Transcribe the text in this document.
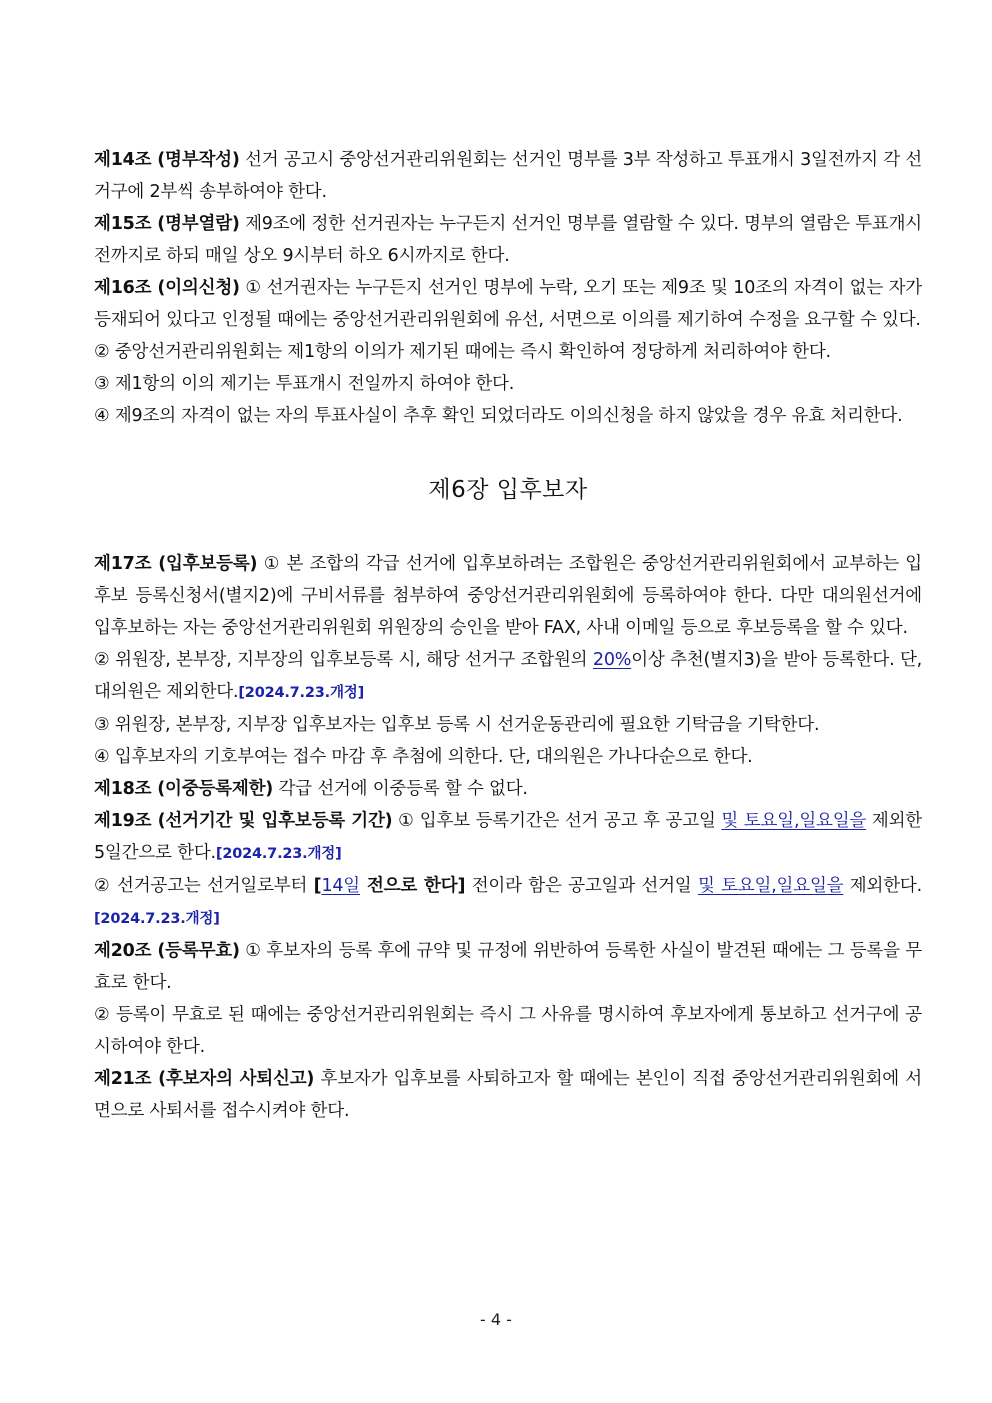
제14조 (명부작성) 선거 공고시 중앙선거관리위원회는 선거인 명부를 3부 작성하고 투표개시 3일전까지 각 선거구에 2부씩 송부하여야 한다.

제15조 (명부열람) 제9조에 정한 선거권자는 누구든지 선거인 명부를 열람할 수 있다. 명부의 열람은 투표개시 전까지로 하되 매일 상오 9시부터 하오 6시까지로 한다.

제16조 (이의신청) ① 선거권자는 누구든지 선거인 명부에 누락, 오기 또는 제9조 및 10조의 자격이 없는 자가 등재되어 있다고 인정될 때에는 중앙선거관리위원회에 유선, 서면으로 이의를 제기하여 수정을 요구할 수 있다.

② 중앙선거관리위원회는 제1항의 이의가 제기된 때에는 즉시 확인하여 정당하게 처리하여야 한다.

③ 제1항의 이의 제기는 투표개시 전일까지 하여야 한다.

④ 제9조의 자격이 없는 자의 투표사실이 추후 확인 되었더라도 이의신청을 하지 않았을 경우 유효 처리한다.

제6장 입후보자

제17조 (입후보등록) ① 본 조합의 각급 선거에 입후보하려는 조합원은 중앙선거관리위원회에서 교부하는 입후보 등록신청서(별지2)에 구비서류를 첨부하여 중앙선거관리위원회에 등록하여야 한다. 다만 대의원선거에 입후보하는 자는 중앙선거관리위원회 위원장의 승인을 받아 FAX, 사내 이메일 등으로 후보등록을 할 수 있다.

② 위원장, 본부장, 지부장의 입후보등록 시, 해당 선거구 조합원의 20%이상 추천(별지3)을 받아 등록한다. 단, 대의원은 제외한다.[2024.7.23.개정]

③ 위원장, 본부장, 지부장 입후보자는 입후보 등록 시 선거운동관리에 필요한 기탁금을 기탁한다.

④ 입후보자의 기호부여는 접수 마감 후 추첨에 의한다. 단, 대의원은 가나다순으로 한다.

제18조 (이중등록제한) 각급 선거에 이중등록 할 수 없다.

제19조 (선거기간 및 입후보등록 기간) ① 입후보 등록기간은 선거 공고 후 공고일 및 토요일,일요일을 제외한 5일간으로 한다.[2024.7.23.개정]

② 선거공고는 선거일로부터 [14일 전으로 한다] 전이라 함은 공고일과 선거일 및 토요일,일요일을 제외한다. [2024.7.23.개정]

제20조 (등록무효) ① 후보자의 등록 후에 규약 및 규정에 위반하여 등록한 사실이 발견된 때에는 그 등록을 무효로 한다.

② 등록이 무효로 된 때에는 중앙선거관리위원회는 즉시 그 사유를 명시하여 후보자에게 통보하고 선거구에 공시하여야 한다.

제21조 (후보자의 사퇴신고) 후보자가 입후보를 사퇴하고자 할 때에는 본인이 직접 중앙선거관리위원회에 서면으로 사퇴서를 접수시켜야 한다.

- 4 -
